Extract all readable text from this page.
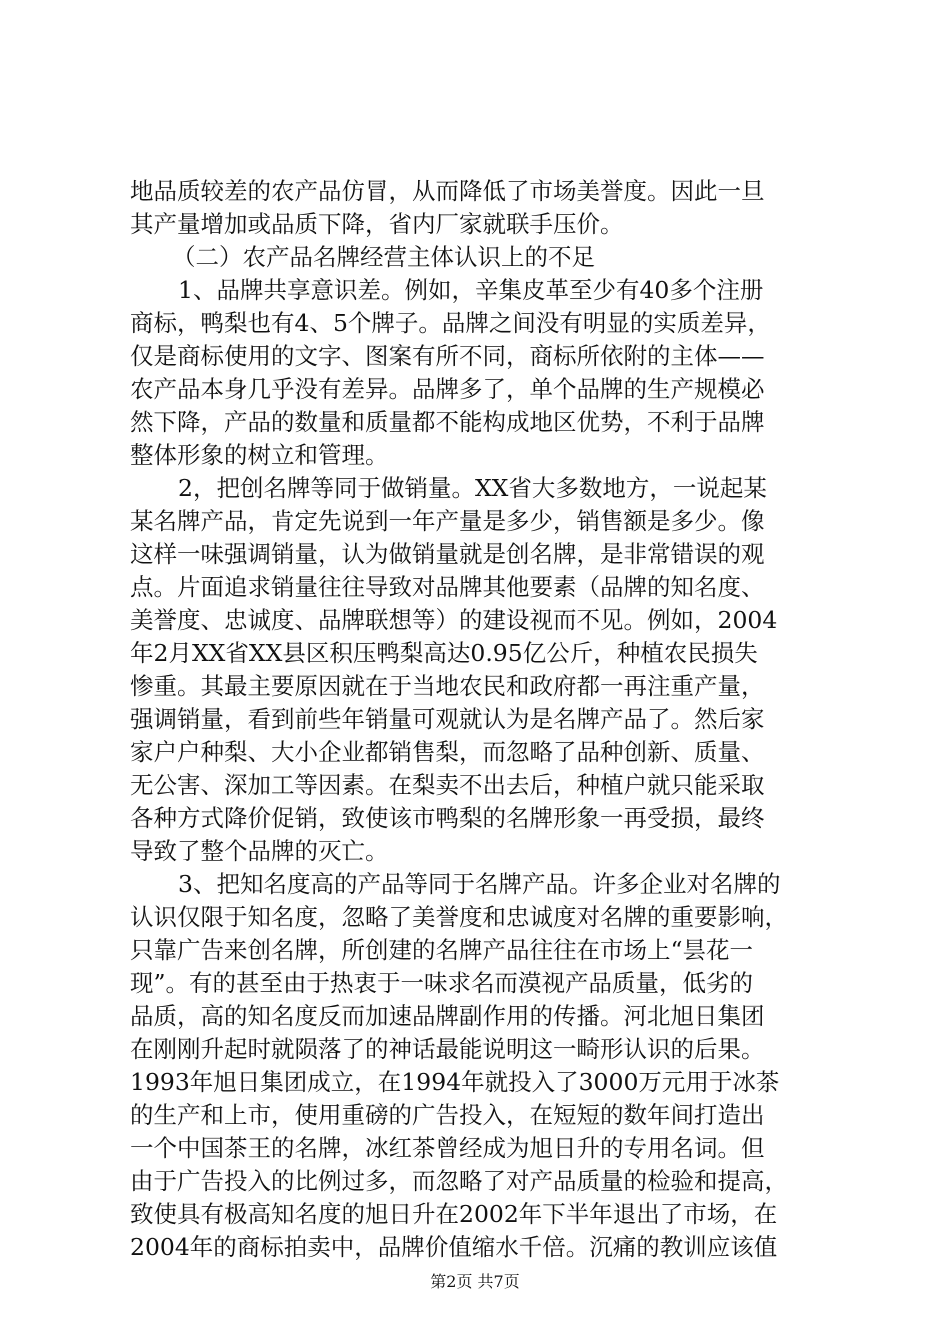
地品质较差的农产品仿冒，从而降低了市场美誉度。因此一旦
其产量增加或品质下降，省内厂家就联手压价。
（二）农产品名牌经营主体认识上的不足
1、品牌共享意识差。例如，辛集皮革至少有40多个注册
商标，鸭梨也有4、5个牌子。品牌之间没有明显的实质差异，
仅是商标使用的文字、图案有所不同，商标所依附的主体——
农产品本身几乎没有差异。品牌多了，单个品牌的生产规模必
然下降，产品的数量和质量都不能构成地区优势，不利于品牌
整体形象的树立和管理。
2，把创名牌等同于做销量。XX省大多数地方，一说起某
某名牌产品，肯定先说到一年产量是多少，销售额是多少。像
这样一味强调销量，认为做销量就是创名牌，是非常错误的观
点。片面追求销量往往导致对品牌其他要素（品牌的知名度、
美誉度、忠诚度、品牌联想等）的建设视而不见。例如，2004
年2月XX省XX县区积压鸭梨高达0.95亿公斤，种植农民损失
惨重。其最主要原因就在于当地农民和政府都一再注重产量，
强调销量，看到前些年销量可观就认为是名牌产品了。然后家
家户户种梨、大小企业都销售梨，而忽略了品种创新、质量、
无公害、深加工等因素。在梨卖不出去后，种植户就只能采取
各种方式降价促销，致使该市鸭梨的名牌形象一再受损，最终
导致了整个品牌的灭亡。
3、把知名度高的产品等同于名牌产品。许多企业对名牌的
认识仅限于知名度，忽略了美誉度和忠诚度对名牌的重要影响，
只靠广告来创名牌，所创建的名牌产品往往在市场上“昙花一
现”。有的甚至由于热衷于一味求名而漠视产品质量，低劣的
品质，高的知名度反而加速品牌副作用的传播。河北旭日集团
在刚刚升起时就陨落了的神话最能说明这一畸形认识的后果。
1993年旭日集团成立，在1994年就投入了3000万元用于冰茶
的生产和上市，使用重磅的广告投入，在短短的数年间打造出
一个中国茶王的名牌，冰红茶曾经成为旭日升的专用名词。但
由于广告投入的比例过多，而忽略了对产品质量的检验和提高，
致使具有极高知名度的旭日升在2002年下半年退出了市场，在
2004年的商标拍卖中，品牌价值缩水千倍。沉痛的教训应该值
第2页 共7页
